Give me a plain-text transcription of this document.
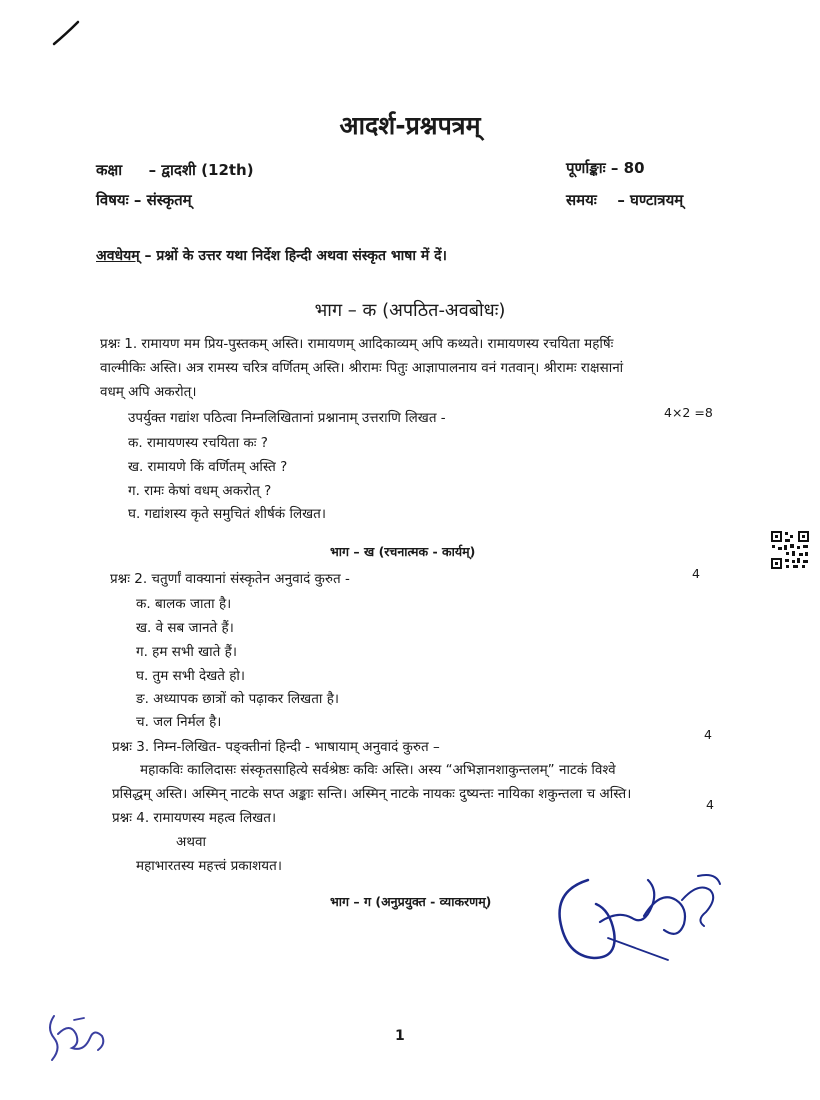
आदर्श-प्रश्नपत्रम्
कक्षा – द्वादशी (12th)	पूर्णाङ्काः – 80
विषयः – संस्कृतम्	समयः – घण्टात्रयम्
अवधेयम् – प्रश्नों के उत्तर यथा निर्देश हिन्दी अथवा संस्कृत भाषा में दें।
भाग – क (अपठित-अवबोधः)
प्रश्नः 1. रामायण मम प्रिय-पुस्तकम् अस्ति। रामायणम् आदिकाव्यम् अपि कथ्यते। रामायणस्य रचयिता महर्षिः
वाल्मीकिः अस्ति। अत्र रामस्य चरित्र वर्णितम् अस्ति। श्रीरामः पितुः आज्ञापालनाय वनं गतवान्। श्रीरामः राक्षसानां
वधम् अपि अकरोत्।
उपर्युक्त गद्यांश पठित्वा निम्नलिखितानां प्रश्नानाम् उत्तराणि लिखत -	4×2 =8
क. रामायणस्य रचयिता कः ?
ख. रामायणे किं वर्णितम् अस्ति ?
ग. रामः केषां वधम् अकरोत् ?
घ. गद्यांशस्य कृते समुचितं शीर्षकं लिखत।
भाग – ख (रचनात्मक - कार्यम्)
प्रश्नः 2. चतुर्णां वाक्यानां संस्कृतेन अनुवादं कुरुत -	4
क. बालक जाता है।
ख. वे सब जानते हैं।
ग. हम सभी खाते हैं।
घ. तुम सभी देखते हो।
ङ. अध्यापक छात्रों को पढ़ाकर लिखता है।
च. जल निर्मल है।
प्रश्नः 3. निम्न-लिखित- पङ्क्तीनां हिन्दी - भाषायाम् अनुवादं कुरुत –
4
महाकविः कालिदासः संस्कृतसाहित्ये सर्वश्रेष्ठः कविः अस्ति। अस्य “अभिज्ञानशाकुन्तलम्” नाटकं विश्वे
प्रसिद्धम् अस्ति। अस्मिन् नाटके सप्त अङ्काः सन्ति। अस्मिन् नाटके नायकः दुष्यन्तः नायिका शकुन्तला च अस्ति।
प्रश्नः 4. रामायणस्य महत्व लिखत।
4
अथवा
महाभारतस्य महत्त्वं प्रकाशयत।
भाग – ग (अनुप्रयुक्त - व्याकरणम्)
1
